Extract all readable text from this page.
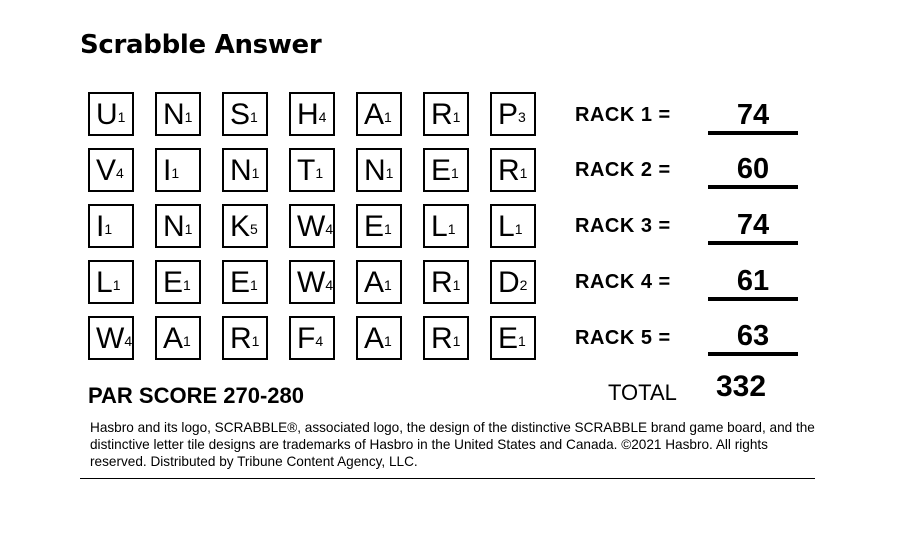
Scrabble Answer
U 1 N 1 S 1 H 4 A 1 R 1 P 3
V 4 I 1 N 1 T 1 N 1 E 1 R 1
I 1 N 1 K 5 W 4 E 1 L 1 L 1
L 1 E 1 E 1 W 4 A 1 R 1 D 2
W 4 A 1 R 1 F 4 A 1 R 1 E 1
RACK 1 =	74
RACK 2 =	60
RACK 3 =	74
RACK 4 =	61
RACK 5 =	63
PAR SCORE 270-280	TOTAL 332
Hasbro and its logo, SCRABBLE®, associated logo, the design of the distinctive SCRABBLE brand game board, and the distinctive letter tile designs are trademarks of Hasbro in the United States and Canada. ©2021 Hasbro. All rights reserved. Distributed by Tribune Content Agency, LLC.
